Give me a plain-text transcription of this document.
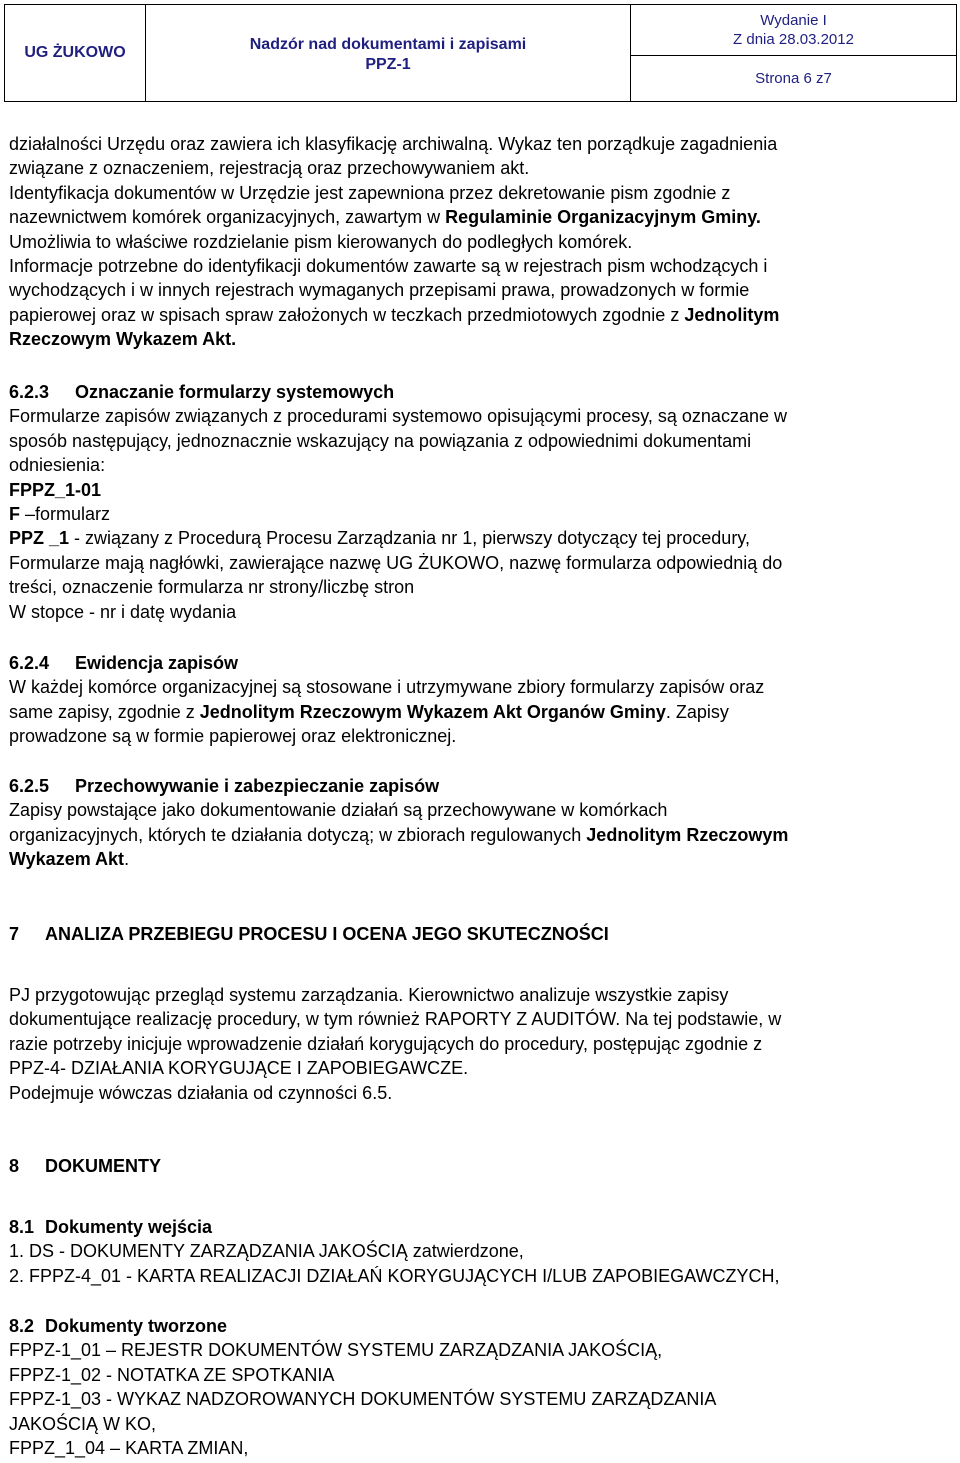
UG ŻUKOWO	Nadzór nad dokumentami i zapisami
PPZ-1
Wydanie I
Z dnia 28.03.2012
Strona 6 z7
działalności Urzędu oraz zawiera ich klasyfikację archiwalną. Wykaz ten porządkuje zagadnienia
związane z oznaczeniem, rejestracją oraz przechowywaniem akt.
Identyfikacja dokumentów w Urzędzie jest zapewniona przez dekretowanie pism zgodnie z
nazewnictwem komórek organizacyjnych, zawartym w Regulaminie Organizacyjnym Gminy.
Umożliwia to właściwe rozdzielanie pism kierowanych do podległych komórek.
Informacje potrzebne do identyfikacji dokumentów zawarte są w rejestrach pism wchodzących i
wychodzących i w innych rejestrach wymaganych przepisami prawa, prowadzonych w formie
papierowej oraz w spisach spraw założonych w teczkach przedmiotowych zgodnie z Jednolitym
Rzeczowym Wykazem Akt.
6.2.3 Oznaczanie formularzy systemowych
Formularze zapisów związanych z procedurami systemowo opisującymi procesy, są oznaczane w
sposób następujący, jednoznacznie wskazujący na powiązania z odpowiednimi dokumentami
odniesienia:
FPPZ_1-01
F –formularz
PPZ _1 - związany z Procedurą Procesu Zarządzania nr 1, pierwszy dotyczący tej procedury,
Formularze mają nagłówki, zawierające nazwę UG ŻUKOWO, nazwę formularza odpowiednią do
treści, oznaczenie formularza nr strony/liczbę stron
W stopce - nr i datę wydania
6.2.4 Ewidencja zapisów
W każdej komórce organizacyjnej są stosowane i utrzymywane zbiory formularzy zapisów oraz
same zapisy, zgodnie z Jednolitym Rzeczowym Wykazem Akt Organów Gminy. Zapisy
prowadzone są w formie papierowej oraz elektronicznej.
6.2.5 Przechowywanie i zabezpieczanie zapisów
Zapisy powstające jako dokumentowanie działań są przechowywane w komórkach
organizacyjnych, których te działania dotyczą; w zbiorach regulowanych Jednolitym Rzeczowym
Wykazem Akt.
7 ANALIZA PRZEBIEGU PROCESU I OCENA JEGO SKUTECZNOŚCI
PJ przygotowując przegląd systemu zarządzania. Kierownictwo analizuje wszystkie zapisy
dokumentujące realizację procedury, w tym również RAPORTY Z AUDITÓW. Na tej podstawie, w
razie potrzeby inicjuje wprowadzenie działań korygujących do procedury, postępując zgodnie z
PPZ-4- DZIAŁANIA KORYGUJĄCE I ZAPOBIEGAWCZE.
Podejmuje wówczas działania od czynności 6.5.
8 DOKUMENTY
8.1 Dokumenty wejścia
1. DS - DOKUMENTY ZARZĄDZANIA JAKOŚCIĄ zatwierdzone,
2. FPPZ-4_01 - KARTA REALIZACJI DZIAŁAŃ KORYGUJĄCYCH I/LUB ZAPOBIEGAWCZYCH,
8.2 Dokumenty tworzone
FPPZ-1_01 – REJESTR DOKUMENTÓW SYSTEMU ZARZĄDZANIA JAKOŚCIĄ,
FPPZ-1_02 - NOTATKA ZE SPOTKANIA
FPPZ-1_03 - WYKAZ NADZOROWANYCH DOKUMENTÓW SYSTEMU ZARZĄDZANIA
JAKOŚCIĄ W KO,
FPPZ_1_04 – KARTA ZMIAN,
